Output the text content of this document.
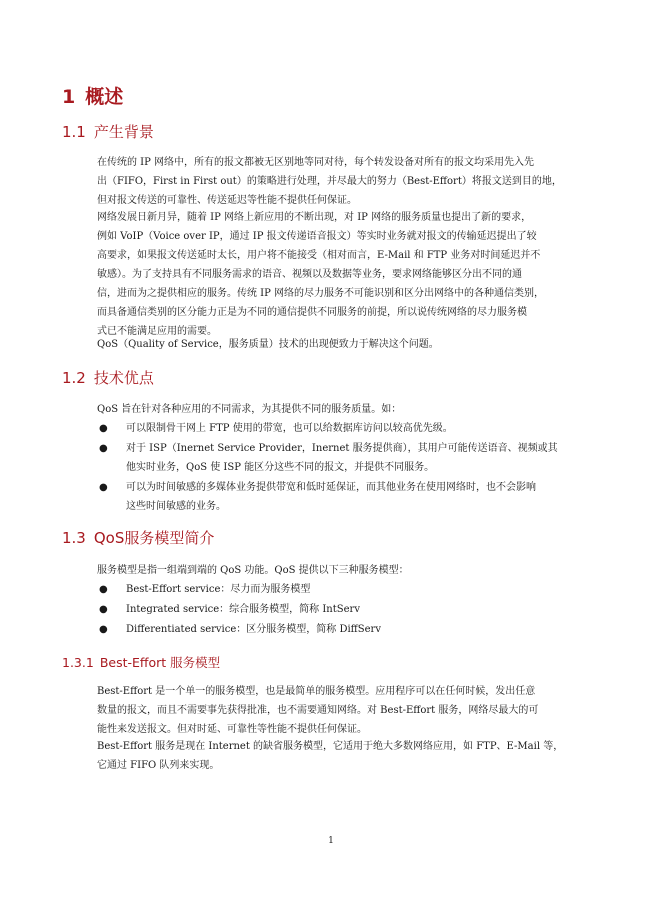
1 概述
1.1 产生背景
在传统的 IP 网络中，所有的报文都被无区别地等同对待，每个转发设备对所有的报文均采用先入先
出（FIFO，First in First out）的策略进行处理，并尽最大的努力（Best-Effort）将报文送到目的地，
但对报文传送的可靠性、传送延迟等性能不提供任何保证。
网络发展日新月异，随着 IP 网络上新应用的不断出现，对 IP 网络的服务质量也提出了新的要求，
例如 VoIP（Voice over IP，通过 IP 报文传递语音报文）等实时业务就对报文的传输延迟提出了较
高要求，如果报文传送延时太长，用户将不能接受（相对而言，E-Mail 和 FTP 业务对时间延迟并不
敏感）。为了支持具有不同服务需求的语音、视频以及数据等业务，要求网络能够区分出不同的通
信，进而为之提供相应的服务。传统 IP 网络的尽力服务不可能识别和区分出网络中的各种通信类别，
而具备通信类别的区分能力正是为不同的通信提供不同服务的前提，所以说传统网络的尽力服务模
式已不能满足应用的需要。
QoS（Quality of Service，服务质量）技术的出现便致力于解决这个问题。
1.2 技术优点
QoS 旨在针对各种应用的不同需求，为其提供不同的服务质量。如：
● 可以限制骨干网上 FTP 使用的带宽，也可以给数据库访问以较高优先级。
● 对于 ISP（Inernet Service Provider，Inernet 服务提供商），其用户可能传送语音、视频或其
他实时业务，QoS 使 ISP 能区分这些不同的报文，并提供不同服务。
● 可以为时间敏感的多媒体业务提供带宽和低时延保证，而其他业务在使用网络时，也不会影响
这些时间敏感的业务。
1.3 QoS服务模型简介
服务模型是指一组端到端的 QoS 功能。QoS 提供以下三种服务模型：
● Best-Effort service：尽力而为服务模型
● Integrated service：综合服务模型，简称 IntServ
● Differentiated service：区分服务模型，简称 DiffServ
1.3.1 Best-Effort 服务模型
Best-Effort 是一个单一的服务模型，也是最简单的服务模型。应用程序可以在任何时候，发出任意
数量的报文，而且不需要事先获得批准，也不需要通知网络。对 Best-Effort 服务，网络尽最大的可
能性来发送报文。但对时延、可靠性等性能不提供任何保证。
Best-Effort 服务是现在 Internet 的缺省服务模型，它适用于绝大多数网络应用，如 FTP、E-Mail 等，
它通过 FIFO 队列来实现。
1
